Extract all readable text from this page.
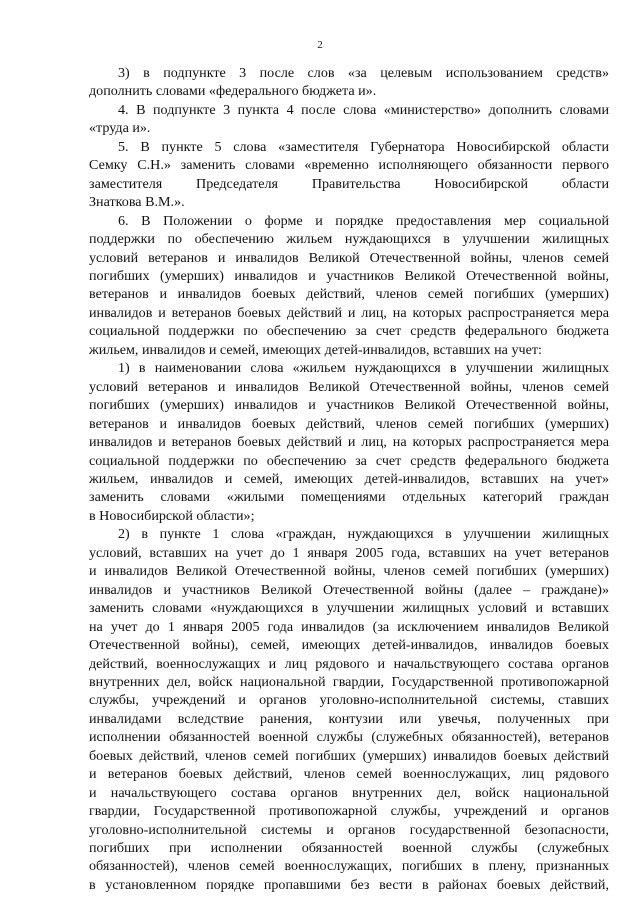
2
3) в подпункте 3 после слов «за целевым использованием средств»
дополнить словами «федерального бюджета и».
4. В подпункте 3 пункта 4 после слова «министерство» дополнить словами
«труда и».
5. В пункте 5 слова «заместителя Губернатора Новосибирской области
Семку С.Н.» заменить словами «временно исполняющего обязанности первого
заместителя Председателя Правительства Новосибирской области
Знаткова В.М.».
6. В Положении о форме и порядке предоставления мер социальной
поддержки по обеспечению жильем нуждающихся в улучшении жилищных
условий ветеранов и инвалидов Великой Отечественной войны, членов семей
погибших (умерших) инвалидов и участников Великой Отечественной войны,
ветеранов и инвалидов боевых действий, членов семей погибших (умерших)
инвалидов и ветеранов боевых действий и лиц, на которых распространяется мера
социальной поддержки по обеспечению за счет средств федерального бюджета
жильем, инвалидов и семей, имеющих детей-инвалидов, вставших на учет:
1) в наименовании слова «жильем нуждающихся в улучшении жилищных
условий ветеранов и инвалидов Великой Отечественной войны, членов семей
погибших (умерших) инвалидов и участников Великой Отечественной войны,
ветеранов и инвалидов боевых действий, членов семей погибших (умерших)
инвалидов и ветеранов боевых действий и лиц, на которых распространяется мера
социальной поддержки по обеспечению за счет средств федерального бюджета
жильем, инвалидов и семей, имеющих детей-инвалидов, вставших на учет»
заменить словами «жилыми помещениями отдельных категорий граждан
в Новосибирской области»;
2) в пункте 1 слова «граждан, нуждающихся в улучшении жилищных
условий, вставших на учет до 1 января 2005 года, вставших на учет ветеранов
и инвалидов Великой Отечественной войны, членов семей погибших (умерших)
инвалидов и участников Великой Отечественной войны (далее – граждане)»
заменить словами «нуждающихся в улучшении жилищных условий и вставших
на учет до 1 января 2005 года инвалидов (за исключением инвалидов Великой
Отечественной войны), семей, имеющих детей-инвалидов, инвалидов боевых
действий, военнослужащих и лиц рядового и начальствующего состава органов
внутренних дел, войск национальной гвардии, Государственной противопожарной
службы, учреждений и органов уголовно-исполнительной системы, ставших
инвалидами вследствие ранения, контузии или увечья, полученных при
исполнении обязанностей военной службы (служебных обязанностей), ветеранов
боевых действий, членов семей погибших (умерших) инвалидов боевых действий
и ветеранов боевых действий, членов семей военнослужащих, лиц рядового
и начальствующего состава органов внутренних дел, войск национальной
гвардии, Государственной противопожарной службы, учреждений и органов
уголовно-исполнительной системы и органов государственной безопасности,
погибших при исполнении обязанностей военной службы (служебных
обязанностей), членов семей военнослужащих, погибших в плену, признанных
в установленном порядке пропавшими без вести в районах боевых действий,
